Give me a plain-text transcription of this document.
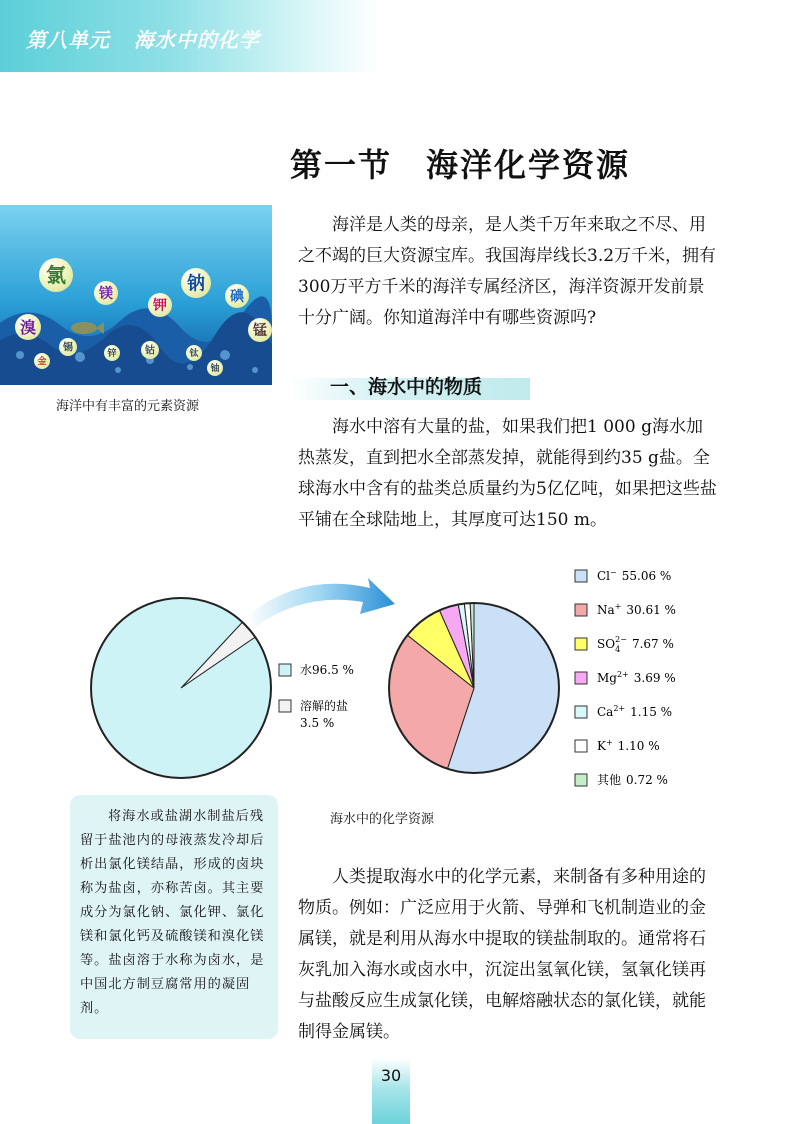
第八单元 海水中的化学
第一节　海洋化学资源
氯
镁	钠
钾
碘
溴	锰
锡
金
钴	钛
铀
锌
海洋中有丰富的元素资源
海洋是人类的母亲，是人类千万年来取之不尽、用之不竭的巨大资源宝库。我国海岸线长3.2万千米，拥有300万平方千米的海洋专属经济区，海洋资源开发前景十分广阔。你知道海洋中有哪些资源吗?
一、海水中的物质
海水中溶有大量的盐，如果我们把1 000 g海水加热蒸发，直到把水全部蒸发掉，就能得到约35 g盐。全球海水中含有的盐类总质量约为5亿亿吨，如果把这些盐平铺在全球陆地上，其厚度可达150 m。
水96.5 %
溶解的盐
3.5 %
Cl− 55.06 %
Na+ 30.61 %
$SO_42- 7.67$ %
$Mg^{2+}$ 3.69 %
$Ca^{2+}$ 1.15 %
K+ 1.10 %
其他 0.72 %
海水中的化学资源
将海水或盐湖水制盐后残留于盐池内的母液蒸发冷却后析出氯化镁结晶，形成的卤块称为盐卤，亦称苦卤。其主要成分为氯化钠、氯化钾、氯化镁和氯化钙及硫酸镁和溴化镁等。盐卤溶于水称为卤水，是中国北方制豆腐常用的凝固剂。
人类提取海水中的化学元素，来制备有多种用途的物质。例如：广泛应用于火箭、导弹和飞机制造业的金属镁，就是利用从海水中提取的镁盐制取的。通常将石灰乳加入海水或卤水中，沉淀出氢氧化镁，氢氧化镁再与盐酸反应生成氯化镁，电解熔融状态的氯化镁，就能制得金属镁。
30
